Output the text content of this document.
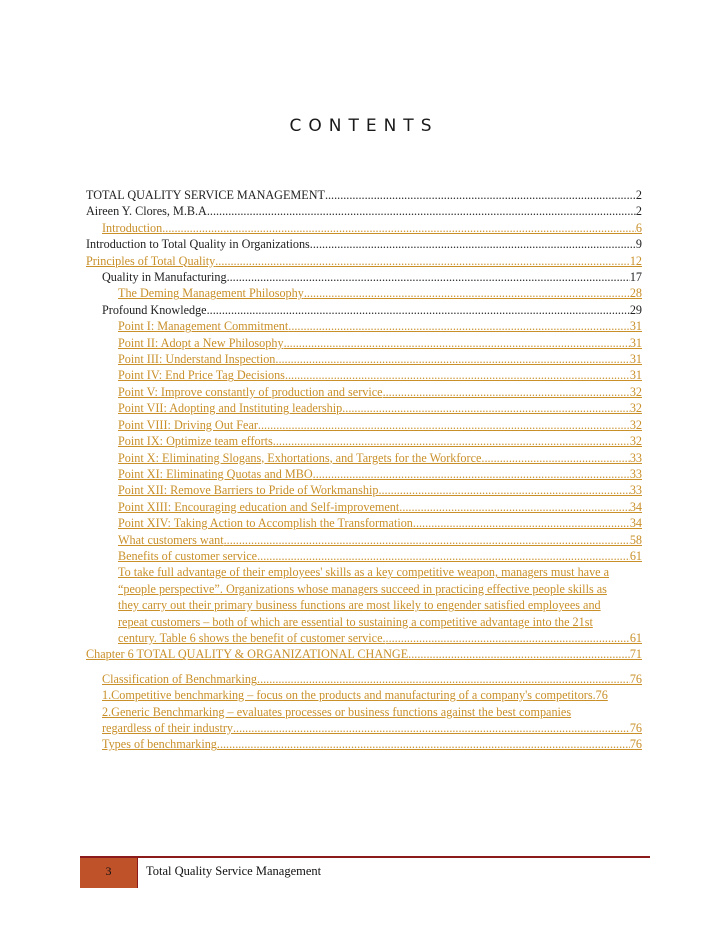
CONTENTS
TOTAL QUALITY SERVICE MANAGEMENT .....	2
Aireen Y. Clores, M.B.A .....	2
Introduction .....	6
Introduction to Total Quality in Organizations .....	9
Principles of Total Quality .....	12
Quality in Manufacturing .....	17
The Deming Management Philosophy .....	28
Profound Knowledge .....	29
Point I: Management Commitment .....	31
Point II: Adopt a New Philosophy .....	31
Point III: Understand Inspection .....	31
Point IV: End Price Tag Decisions .....	31
Point V: Improve constantly of production and service .....	32
Point VII: Adopting and Instituting leadership. .....	32
Point VIII: Driving Out Fear .....	32
Point IX: Optimize team efforts .....	32
Point X: Eliminating Slogans, Exhortations, and Targets for the Workforce .....	33
Point XI: Eliminating Quotas and MBO .....	33
Point XII: Remove Barriers to Pride of Workmanship .....	33
Point XIII: Encouraging education and Self-improvement .....	34
Point XIV: Taking Action to Accomplish the Transformation .....	34
What customers want .....	58
Benefits of customer service .....	61
To take full advantage of their employees' skills as a key competitive weapon, managers must have a
“people perspective”. Organizations whose managers succeed in practicing effective people skills as
they carry out their primary business functions are most likely to engender satisfied employees and
repeat customers – both of which are essential to sustaining a competitive advantage into the 21st
century. Table 6 shows the benefit of customer service. .....	61
Chapter 6 TOTAL QUALITY & ORGANIZATIONAL CHANGE .....	71
Classification of Benchmarking .....	76
1.Competitive benchmarking – focus on the products and manufacturing of a company's competitors. 76
2.Generic Benchmarking – evaluates processes or business functions against the best companies
regardless of their industry .....	76
Types of benchmarking .....	76
3	Total Quality Service Management
